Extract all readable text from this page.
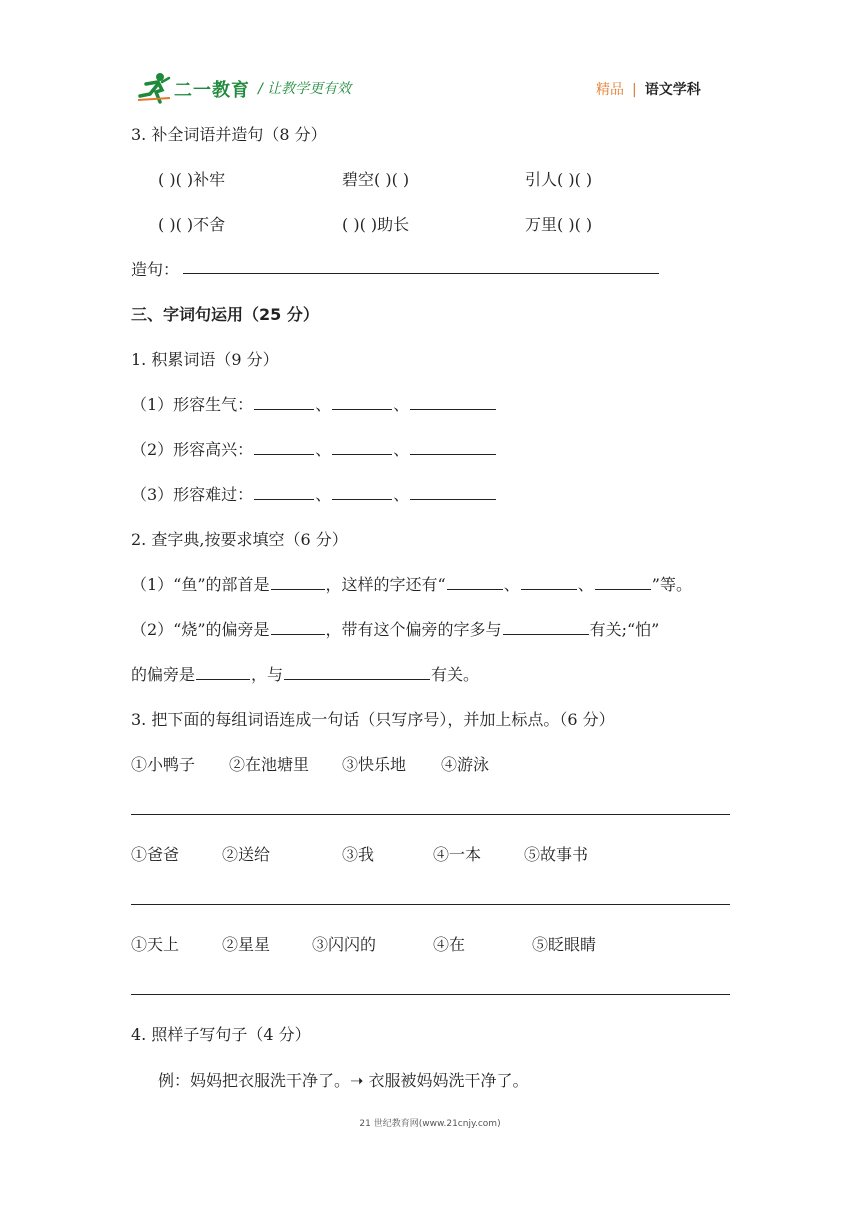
二一教育 / 让教学更有效	精品 | 语文学科
3. 补全词语并造句（8 分）
( )( )补牢	碧空( )( )	引人( )( )
( )( )不舍	( )( )助长	万里( )( )
造句：
三、字词句运用（25 分）
1. 积累词语（9 分）
（1）形容生气：	、	、
（2）形容高兴：	、	、
（3）形容难过：	、	、
2. 查字典,按要求填空（6 分）
（1）“鱼”的部首是	，这样的字还有“	、	、	”等。
（2）“烧”的偏旁是	，带有这个偏旁的字多与	有关;“怕”
的偏旁是	，与	有关。
3. 把下面的每组词语连成一句话（只写序号），并加上标点。（6 分）
①小鸭子 ②在池塘里 ③快乐地 ④游泳
①爸爸	②送给	③我	④一本	⑤故事书
①天上	②星星	③闪闪的	④在	⑤眨眼睛
4. 照样子写句子（4 分）
例：妈妈把衣服洗干净了。➝ 衣服被妈妈洗干净了。
21 世纪教育网(www.21cnjy.com)
